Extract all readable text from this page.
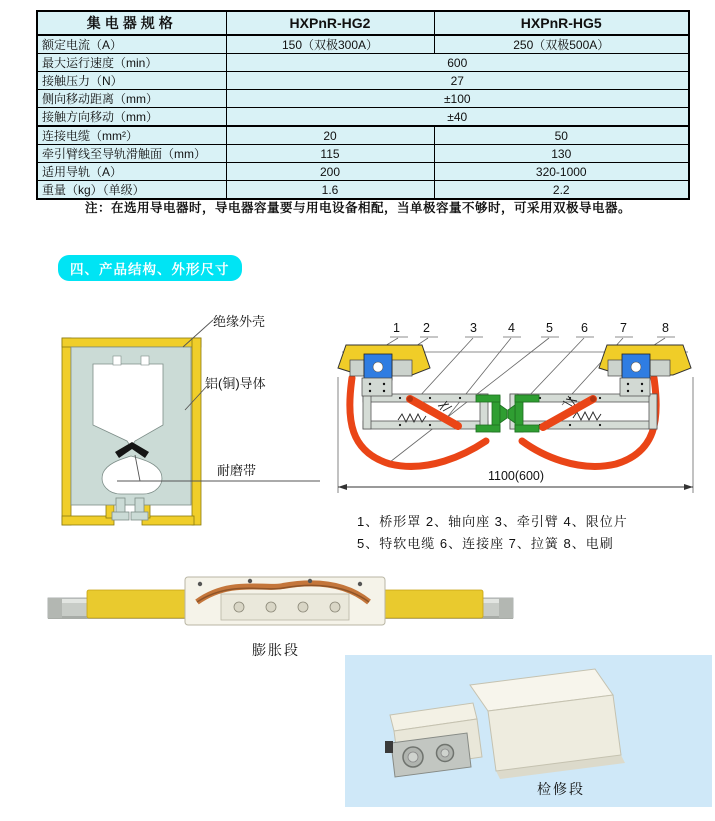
集电器规格	HXPnR-HG2	HXPnR-HG5
额定电流（A）	150（双极300A）	250（双极500A）
最大运行速度（min）	600	
接触压力（N）	27	
侧向移动距离（mm）	±100	
接触方向移动（mm）	±40	
连接电缆（mm²）	20	50
牵引臂线至导轨滑触面（mm）	115	130
适用导轨（A）	200	320-1000
重量（kg）（单级）	1.6	2.2
注：在选用导电器时，导电器容量要与用电设备相配，当单极容量不够时，可采用双极导电器。
四、产品结构、外形尺寸
绝缘外壳
铝(铜)导体
耐磨带
1 2	3 4 5 6	7	8
1100(600)
1、桥形罩 2、轴向座 3、牵引臂 4、限位片
5、特软电缆 6、连接座 7、拉簧 8、电刷
膨胀段
检修段
